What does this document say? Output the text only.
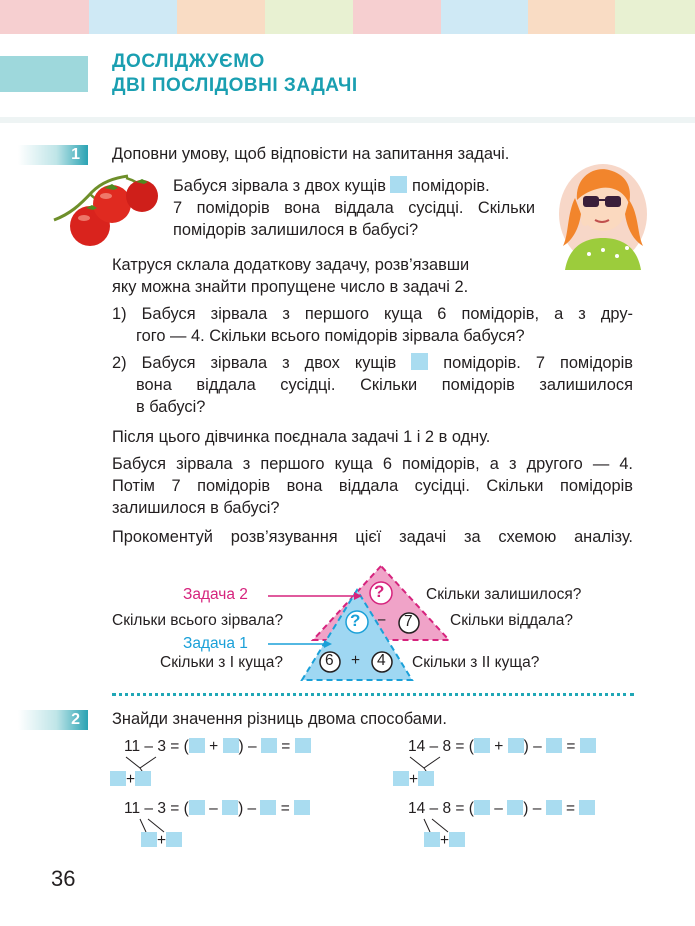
ДОСЛІДЖУЄМО
ДВІ ПОСЛІДОВНІ ЗАДАЧІ
1	Доповни умову, щоб відповісти на запитання задачі.
Бабуся зірвала з двох кущів помідорів.
7 помідорів вона віддала сусідці. Скільки
помідорів залишилося в бабусі?
Катруся склала додаткову задачу, розв’язавши
яку можна знайти пропущене число в задачі 2.
1) Бабуся зірвала з першого куща 6 помідорів, а з дру-
гого — 4. Скільки всього помідорів зірвала бабуся?
2) Бабуся зірвала з двох кущів	помідорів. 7 помідорів
вона віддала сусідці. Скільки помідорів залишилося
в бабусі?
Після цього дівчинка поєднала задачі 1 і 2 в одну.
Бабуся зірвала з першого куща 6 помідорів, а з другого — 4.
Потім 7 помідорів вона віддала сусідці. Скільки помідорів
залишилося в бабусі?
Прокоментуй розв’язування цієї задачі за схемою аналізу.
?
? − 7
6 + 4
Задача 2	Скільки залишилося?
Скільки всього зірвала?	Скільки віддала?
Задача 1
Скільки з І куща?	Скільки з ІІ куща?
2	Знайди значення різниць двома способами.
11 – 3 = ( + ) – =
+
11 – 3 = ( – ) – =
+
14 – 8 = ( + ) – =
+
14 – 8 = ( – ) – =
+
36
